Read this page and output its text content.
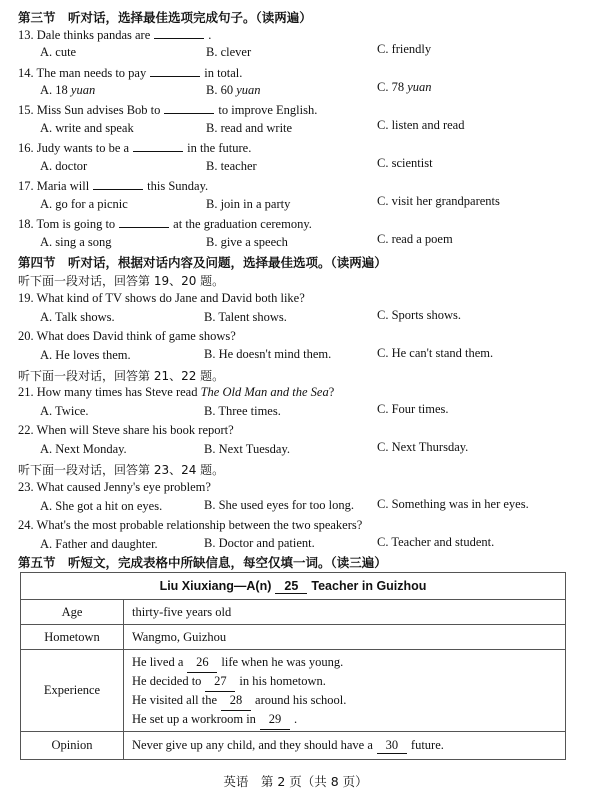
第三节　听对话，选择最佳选项完成句子。（读两遍）
13. Dale thinks pandas are	.
A. cute	B. clever	C. friendly
14. The man needs to pay	in total.
A. 18 yuan	B. 60 yuan	C. 78 yuan
15. Miss Sun advises Bob to	to improve English.
A. write and speak	B. read and write	C. listen and read
16. Judy wants to be a	in the future.
A. doctor	B. teacher	C. scientist
17. Maria will	this Sunday.
A. go for a picnic	B. join in a party	C. visit her grandparents
18. Tom is going to	at the graduation ceremony.
A. sing a song	B. give a speech	C. read a poem
第四节　听对话，根据对话内容及问题，选择最佳选项。（读两遍）
听下面一段对话，回答第 19、20 题。
19. What kind of TV shows do Jane and David both like?
A. Talk shows.	B. Talent shows.	C. Sports shows.
20. What does David think of game shows?
A. He loves them.	B. He doesn't mind them.	C. He can't stand them.
听下面一段对话，回答第 21、22 题。
21. How many times has Steve read The Old Man and the Sea?
A. Twice.	B. Three times.	C. Four times.
22. When will Steve share his book report?
A. Next Monday.	B. Next Tuesday.	C. Next Thursday.
听下面一段对话，回答第 23、24 题。
23. What caused Jenny's eye problem?
A. She got a hit on eyes.	B. She used eyes for too long. C. Something was in her eyes.
24. What's the most probable relationship between the two speakers?
A. Father and daughter.	B. Doctor and patient.	C. Teacher and student.
第五节　听短文，完成表格中所缺信息，每空仅填一词。（读三遍）
Liu Xiuxiang—A(n) 25 Teacher in Guizhou	
Age	thirty-five years old
Hometown	Wangmo, Guizhou
Experience	He lived a 26 life when he was young.
He decided to 27 in his hometown.
He visited all the 28 around his school.
He set up a workroom in 29 .

Opinion	Never give up any child, and they should have a 30 future.
英语　第 2 页（共 8 页）
